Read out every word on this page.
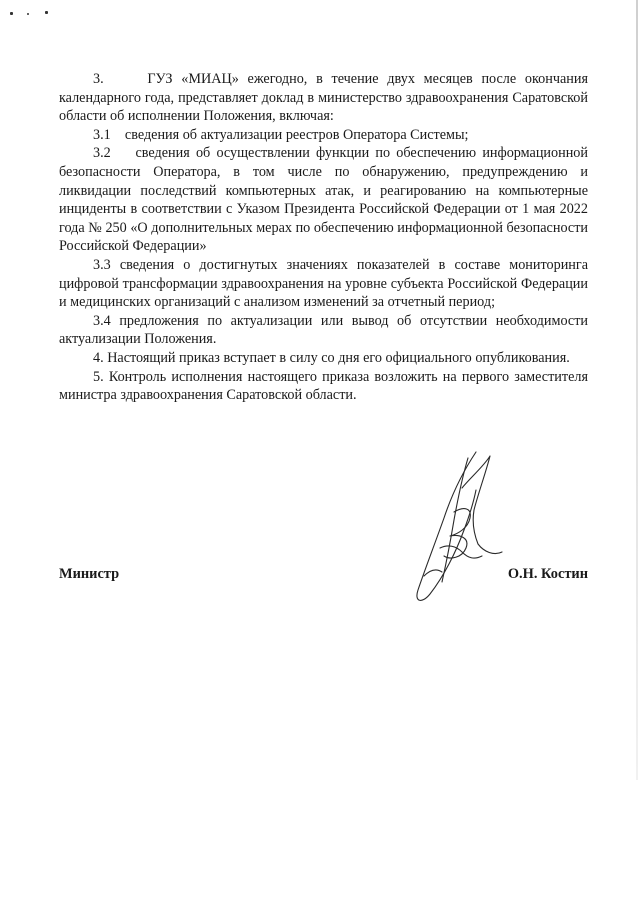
3.     ГУЗ «МИАЦ» ежегодно, в течение двух месяцев после окончания календарного года, представляет доклад в министерство здравоохранения Саратовской области об исполнении Положения, включая:

3.1    сведения об актуализации реестров Оператора Системы;

3.2    сведения об осуществлении функции по обеспечению информационной безопасности Оператора, в том числе по обнаружению, предупреждению и ликвидации последствий компьютерных атак, и реагированию на компьютерные инциденты в соответствии с Указом Президента Российской Федерации от 1 мая 2022 года № 250 «О дополнительных мерах по обеспечению информационной безопасности Российской Федерации»

3.3 сведения о достигнутых значениях показателей в составе мониторинга цифровой трансформации здравоохранения на уровне субъекта Российской Федерации и медицинских организаций с анализом изменений за отчетный период;

3.4 предложения по актуализации или вывод об отсутствии необходимости актуализации Положения.

4. Настоящий приказ вступает в силу со дня его официального опубликования.

5. Контроль исполнения настоящего приказа возложить на первого заместителя министра здравоохранения Саратовской области.

Министр	О.Н. Костин
